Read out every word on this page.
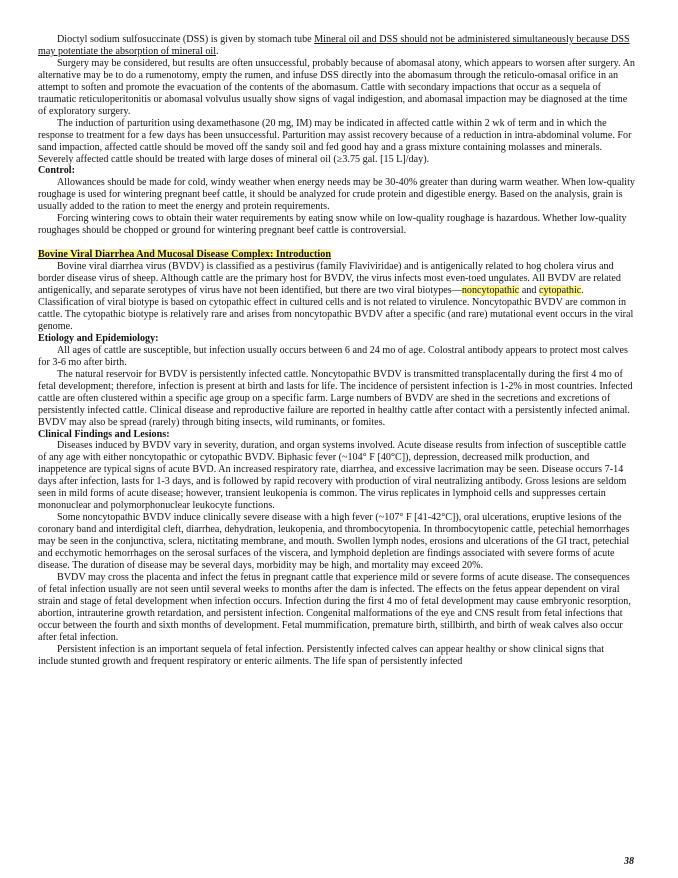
Dioctyl sodium sulfosuccinate (DSS) is given by stomach tube Mineral oil and DSS should not be administered simultaneously because DSS may potentiate the absorption of mineral oil.

Surgery may be considered, but results are often unsuccessful, probably because of abomasal atony, which appears to worsen after surgery. An alternative may be to do a rumenotomy, empty the rumen, and infuse DSS directly into the abomasum through the reticulo-omasal orifice in an attempt to soften and promote the evacuation of the contents of the abomasum. Cattle with secondary impactions that occur as a sequela of traumatic reticuloperitonitis or abomasal volvulus usually show signs of vagal indigestion, and abomasal impaction may be diagnosed at the time of exploratory surgery.

The induction of parturition using dexamethasone (20 mg, IM) may be indicated in affected cattle within 2 wk of term and in which the response to treatment for a few days has been unsuccessful. Parturition may assist recovery because of a reduction in intra-abdominal volume. For sand impaction, affected cattle should be moved off the sandy soil and fed good hay and a grass mixture containing molasses and minerals. Severely affected cattle should be treated with large doses of mineral oil (≥3.75 gal. [15 L]/day).

Control:

Allowances should be made for cold, windy weather when energy needs may be 30-40% greater than during warm weather. When low-quality roughage is used for wintering pregnant beef cattle, it should be analyzed for crude protein and digestible energy. Based on the analysis, grain is usually added to the ration to meet the energy and protein requirements.

Forcing wintering cows to obtain their water requirements by eating snow while on low-quality roughage is hazardous. Whether low-quality roughages should be chopped or ground for wintering pregnant beef cattle is controversial.

Bovine Viral Diarrhea And Mucosal Disease Complex: Introduction

Bovine viral diarrhea virus (BVDV) is classified as a pestivirus (family Flaviviridae) and is antigenically related to hog cholera virus and border disease virus of sheep. Although cattle are the primary host for BVDV, the virus infects most even-toed ungulates. All BVDV are related antigenically, and separate serotypes of virus have not been identified, but there are two viral biotypes—noncytopathic and cytopathic. Classification of viral biotype is based on cytopathic effect in cultured cells and is not related to virulence. Noncytopathic BVDV are common in cattle. The cytopathic biotype is relatively rare and arises from noncytopathic BVDV after a specific (and rare) mutational event occurs in the viral genome.

Etiology and Epidemiology:

All ages of cattle are susceptible, but infection usually occurs between 6 and 24 mo of age. Colostral antibody appears to protect most calves for 3-6 mo after birth.

The natural reservoir for BVDV is persistently infected cattle. Noncytopathic BVDV is transmitted transplacentally during the first 4 mo of fetal development; therefore, infection is present at birth and lasts for life. The incidence of persistent infection is 1-2% in most countries. Infected cattle are often clustered within a specific age group on a specific farm. Large numbers of BVDV are shed in the secretions and excretions of persistently infected cattle. Clinical disease and reproductive failure are reported in healthy cattle after contact with a persistently infected animal. BVDV may also be spread (rarely) through biting insects, wild ruminants, or fomites.

Clinical Findings and Lesions:

Diseases induced by BVDV vary in severity, duration, and organ systems involved. Acute disease results from infection of susceptible cattle of any age with either noncytopathic or cytopathic BVDV. Biphasic fever (~104° F [40°C]), depression, decreased milk production, and inappetence are typical signs of acute BVD. An increased respiratory rate, diarrhea, and excessive lacrimation may be seen. Disease occurs 7-14 days after infection, lasts for 1-3 days, and is followed by rapid recovery with production of viral neutralizing antibody. Gross lesions are seldom seen in mild forms of acute disease; however, transient leukopenia is common. The virus replicates in lymphoid cells and suppresses certain mononuclear and polymorphonuclear leukocyte functions.

Some noncytopathic BVDV induce clinically severe disease with a high fever (~107° F [41-42°C]), oral ulcerations, eruptive lesions of the coronary band and interdigital cleft, diarrhea, dehydration, leukopenia, and thrombocytopenia. In thrombocytopenic cattle, petechial hemorrhages may be seen in the conjunctiva, sclera, nictitating membrane, and mouth. Swollen lymph nodes, erosions and ulcerations of the GI tract, petechial and ecchymotic hemorrhages on the serosal surfaces of the viscera, and lymphoid depletion are findings associated with severe forms of acute disease. The duration of disease may be several days, morbidity may be high, and mortality may exceed 20%.

BVDV may cross the placenta and infect the fetus in pregnant cattle that experience mild or severe forms of acute disease. The consequences of fetal infection usually are not seen until several weeks to months after the dam is infected. The effects on the fetus appear dependent on viral strain and stage of fetal development when infection occurs. Infection during the first 4 mo of fetal development may cause embryonic resorption, abortion, intrauterine growth retardation, and persistent infection. Congenital malformations of the eye and CNS result from fetal infections that occur between the fourth and sixth months of development. Fetal mummification, premature birth, stillbirth, and birth of weak calves also occur after fetal infection.

Persistent infection is an important sequela of fetal infection. Persistently infected calves can appear healthy or show clinical signs that include stunted growth and frequent respiratory or enteric ailments. The life span of persistently infected

38
